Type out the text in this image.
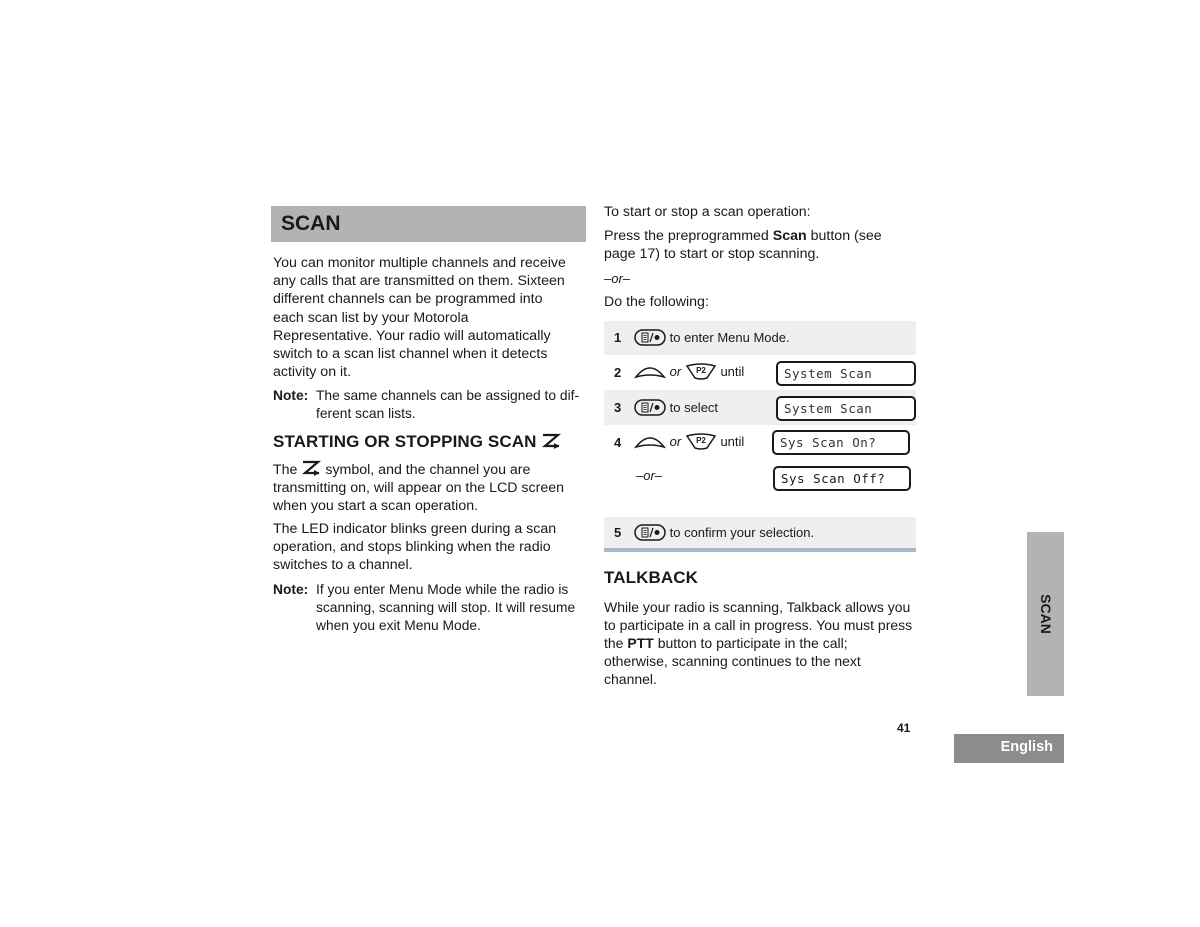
SCAN

You can monitor multiple channels and receive

any calls that are transmitted on them. Sixteen

different channels can be programmed into

each scan list by your Motorola

Representative. Your radio will automatically

switch to a scan list channel when it detects

activity on it.

Note: The same channels can be assigned to dif-

ferent scan lists.

STARTING OR STOPPING SCAN

The symbol, and the channel you are

transmitting on, will appear on the LCD screen

when you start a scan operation.

The LED indicator blinks green during a scan

operation, and stops blinking when the radio

switches to a channel.

Note: If you enter Menu Mode while the radio is

scanning, scanning will stop. It will resume

when you exit Menu Mode.

To start or stop a scan operation:

Press the preprogrammed Scan button (see

page 17) to start or stop scanning.

–or–
Do the following:
1	to enter Menu Mode.
2	or P2 until	System Scan
3	to select	System Scan
4	or P2 until	Sys Scan On?
–or–	Sys Scan Off?
5	to confirm your selection.
TALKBACK

While your radio is scanning, Talkback allows you

to participate in a call in progress. You must press

the PTT button to participate in the call;

otherwise, scanning continues to the next

channel.

SCAN
41
English
